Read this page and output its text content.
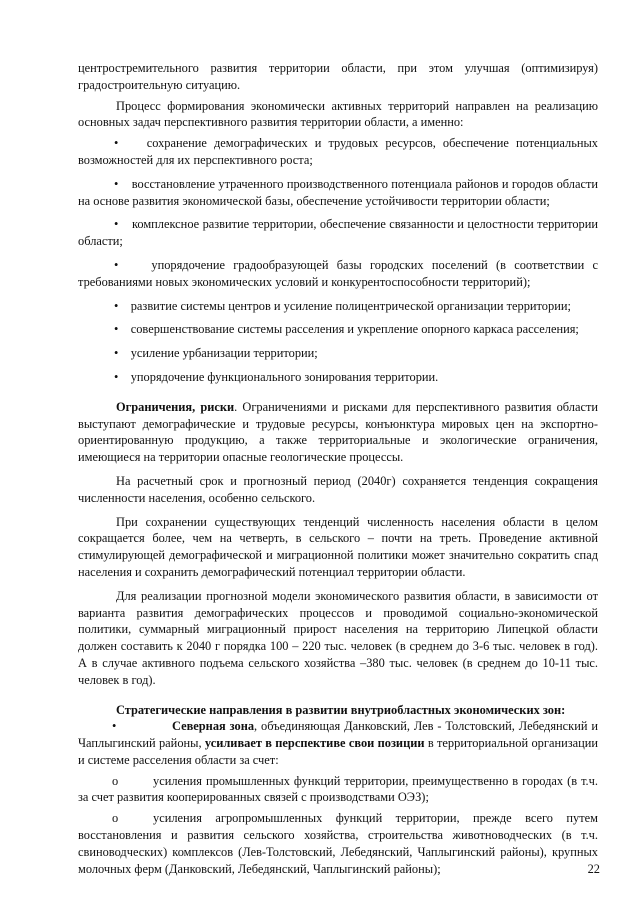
центростремительного развития территории области, при этом улучшая (оптимизируя) градостроительную ситуацию.

Процесс формирования экономически активных территорий направлен на реализацию основных задач перспективного развития территории области, а именно:

• сохранение демографических и трудовых ресурсов, обеспечение потенциальных возможностей для их перспективного роста;

• восстановление утраченного производственного потенциала районов и городов области на основе развития экономической базы, обеспечение устойчивости территории области;

• комплексное развитие территории, обеспечение связанности и целостности территории области;

•	упорядочение градообразующей базы городских поселений (в соответствии с требованиями новых экономических условий и конкурентоспособности территорий);

• развитие системы центров и усиление полицентрической организации территории;

• совершенствование системы расселения и укрепление опорного каркаса расселения;

• усиление урбанизации территории;

• упорядочение функционального зонирования территории.

Ограничения, риски. Ограничениями и рисками для перспективного развития области выступают демографические и трудовые ресурсы, конъюнктура мировых цен на экспортно-ориентированную продукцию, а также территориальные и экологические ограничения, имеющиеся на территории опасные геологические процессы.

На расчетный срок и прогнозный период (2040г) сохраняется тенденция сокращения численности населения, особенно сельского.

При сохранении существующих тенденций численность населения области в целом сокращается более, чем на четверть, в сельского – почти на треть. Проведение активной стимулирующей демографической и миграционной политики может значительно сократить спад населения и сохранить демографический потенциал территории области.

Для реализации прогнозной модели экономического развития области, в зависимости от варианта развития демографических процессов и проводимой социально-экономической политики, суммарный миграционный прирост населения на территорию Липецкой области должен составить к 2040 г порядка 100 – 220 тыс. человек (в среднем до 3-6 тыс. человек в год). А в случае активного подъема сельского хозяйства –380 тыс. человек (в среднем до 10-11 тыс. человек в год).

Стратегические направления в развитии внутриобластных экономических зон:

•	Северная зона, объединяющая Данковский, Лев - Толстовский, Лебедянский и Чаплыгинский районы, усиливает в перспективе свои позиции в территориальной организации и системе расселения области за счет:

o	усиления промышленных функций территории, преимущественно в городах (в т.ч. за счет развития кооперированных связей с производствами ОЭЗ);

o	усиления агропромышленных функций территории, прежде всего путем восстановления и развития сельского хозяйства, строительства животноводческих (в т.ч. свиноводческих) комплексов (Лев-Толстовский, Лебедянский, Чаплыгинский районы), крупных молочных ферм (Данковский, Лебедянский, Чаплыгинский районы);	22
